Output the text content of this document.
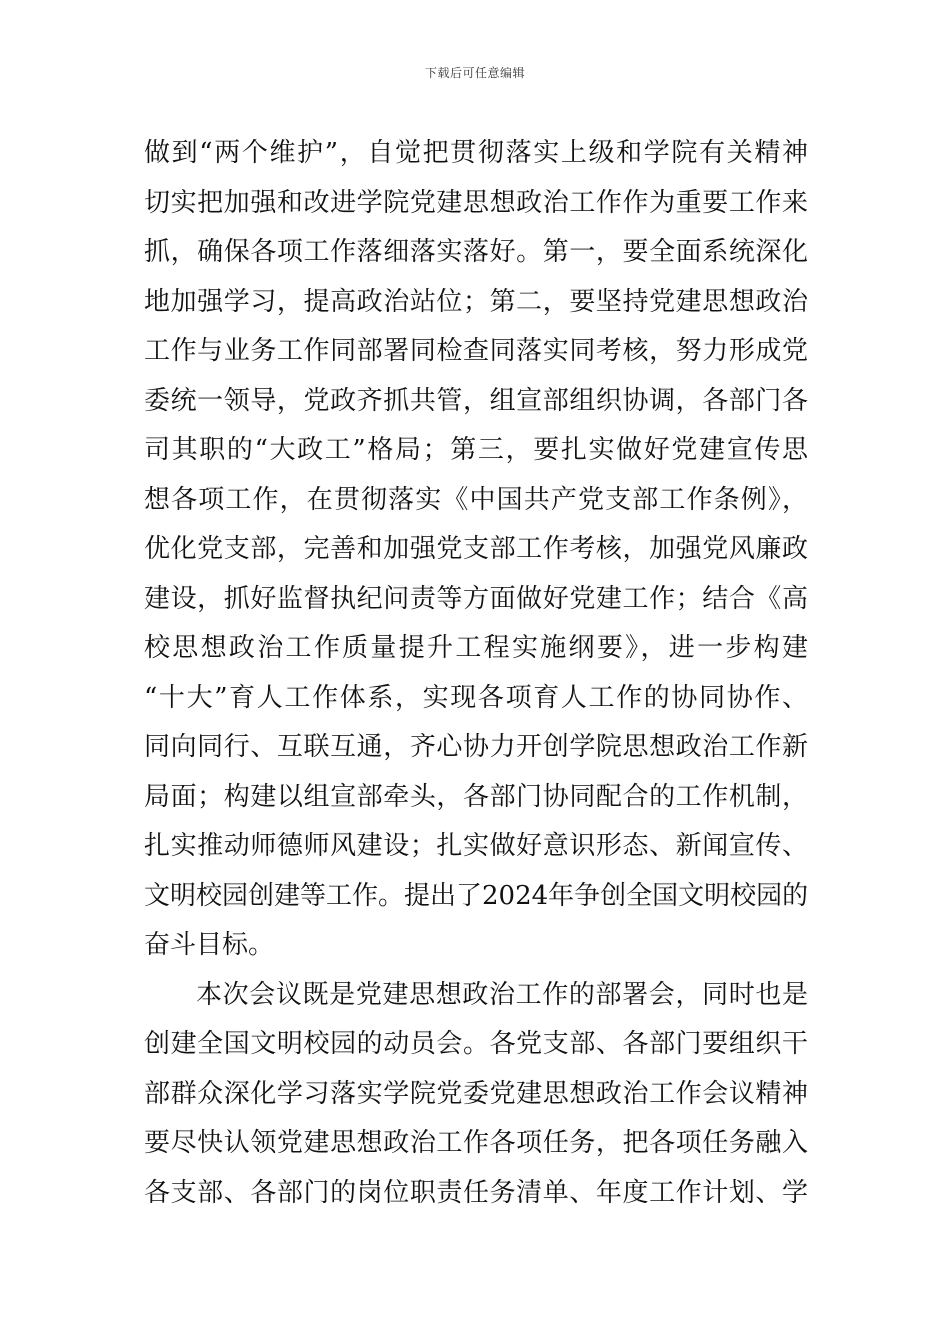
下载后可任意编辑
做到“两个维护”，自觉把贯彻落实上级和学院有关精神
切实把加强和改进学院党建思想政治工作作为重要工作来
抓，确保各项工作落细落实落好。第一，要全面系统深化
地加强学习，提高政治站位；第二，要坚持党建思想政治
工作与业务工作同部署同检查同落实同考核，努力形成党
委统一领导，党政齐抓共管，组宣部组织协调，各部门各
司其职的“大政工”格局；第三，要扎实做好党建宣传思
想各项工作，在贯彻落实《中国共产党支部工作条例》，
优化党支部，完善和加强党支部工作考核，加强党风廉政
建设，抓好监督执纪问责等方面做好党建工作；结合《高
校思想政治工作质量提升工程实施纲要》，进一步构建
“十大”育人工作体系，实现各项育人工作的协同协作、
同向同行、互联互通，齐心协力开创学院思想政治工作新
局面；构建以组宣部牵头，各部门协同配合的工作机制，
扎实推动师德师风建设；扎实做好意识形态、新闻宣传、
文明校园创建等工作。提出了2024年争创全国文明校园的
奋斗目标。
本次会议既是党建思想政治工作的部署会，同时也是
创建全国文明校园的动员会。各党支部、各部门要组织干
部群众深化学习落实学院党委党建思想政治工作会议精神
要尽快认领党建思想政治工作各项任务，把各项任务融入
各支部、各部门的岗位职责任务清单、年度工作计划、学
